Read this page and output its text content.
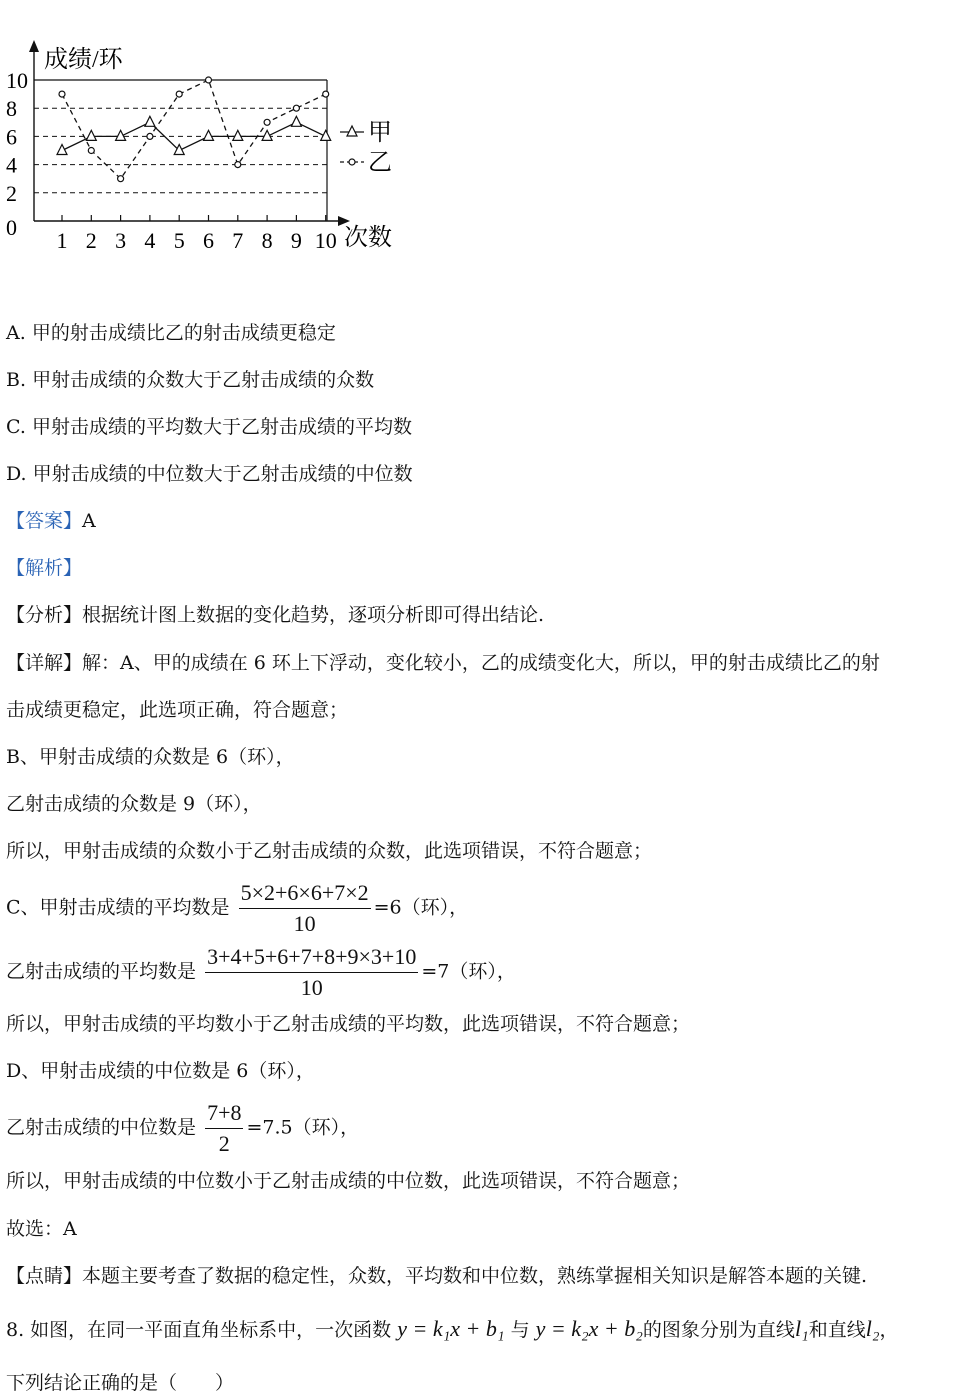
成绩/环
次数
0
2
4
6
8
10
1 2 3 4 5 6 7 8 9 10
甲
乙
A. 甲的射击成绩比乙的射击成绩更稳定
B. 甲射击成绩的众数大于乙射击成绩的众数
C. 甲射击成绩的平均数大于乙射击成绩的平均数
D. 甲射击成绩的中位数大于乙射击成绩的中位数
【答案】A
【解析】
【分析】根据统计图上数据的变化趋势，逐项分析即可得出结论.
【详解】解：A、甲的成绩在 6 环上下浮动，变化较小，乙的成绩变化大，所以，甲的射击成绩比乙的射
击成绩更稳定，此选项正确，符合题意；
B、甲射击成绩的众数是 6（环），
乙射击成绩的众数是 9（环），
所以，甲射击成绩的众数小于乙射击成绩的众数，此选项错误，不符合题意；
C、甲射击成绩的平均数是 $\frac{5\times 2+6\times 6+7\times 2}{10} =6$（环），
乙射击成绩的平均数是 $\frac{3+4+5+6+7+8+9\times 3+10}{10} =7$（环），
所以，甲射击成绩的平均数小于乙射击成绩的平均数，此选项错误，不符合题意；
D、甲射击成绩的中位数是 6（环），
乙射击成绩的中位数是 $\frac{7+8}{2} =7.5$（环），
所以，甲射击成绩的中位数小于乙射击成绩的中位数，此选项错误，不符合题意；
故选：A
【点睛】本题主要考查了数据的稳定性，众数，平均数和中位数，熟练掌握相关知识是解答本题的关键.
8. 如图，在同一平面直角坐标系中，一次函数 y = k₁x + b₁ 与 y = k₂x + b₂的图象分别为直线l₁和直线l₂，
下列结论正确的是（　　）
